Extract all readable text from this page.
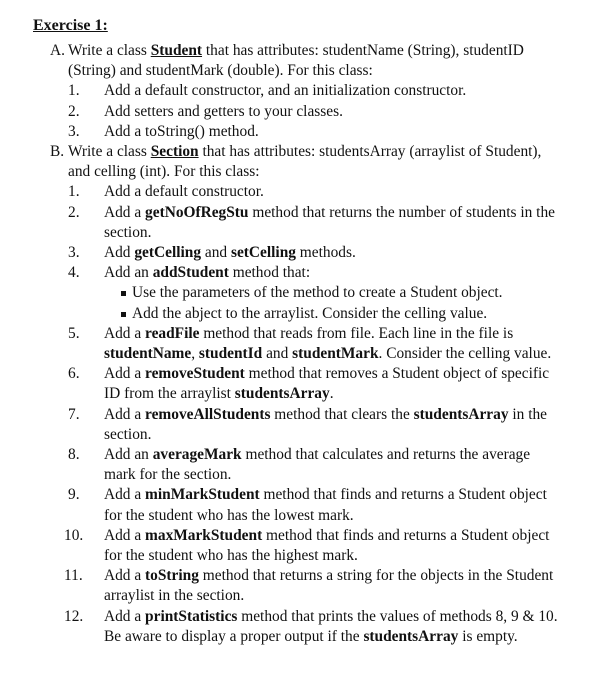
Exercise 1:
A. Write a class Student that has attributes: studentName (String), studentID (String) and studentMark (double). For this class:
1.	Add a default constructor, and an initialization constructor.
2.	Add setters and getters to your classes.
3.	Add a toString() method.
B. Write a class Section that has attributes: studentsArray (arraylist of Student), and celling (int). For this class:
1.	Add a default constructor.
2.	Add a getNoOfRegStu method that returns the number of students in the section.
3.	Add getCelling and setCelling methods.
4.	Add an addStudent method that:
Use the parameters of the method to create a Student object.
Add the abject to the arraylist. Consider the celling value.
5.	Add a readFile method that reads from file. Each line in the file is studentName, studentId and studentMark. Consider the celling value.
6.	Add a removeStudent method that removes a Student object of specific ID from the arraylist studentsArray.
7.	Add a removeAllStudents method that clears the studentsArray in the section.
8.	Add an averageMark method that calculates and returns the average mark for the section.
9.	Add a minMarkStudent method that finds and returns a Student object for the student who has the lowest mark.
10.	Add a maxMarkStudent method that finds and returns a Student object for the student who has the highest mark.
11.	Add a toString method that returns a string for the objects in the Student arraylist in the section.
12.	Add a printStatistics method that prints the values of methods 8, 9 & 10. Be aware to display a proper output if the studentsArray is empty.
